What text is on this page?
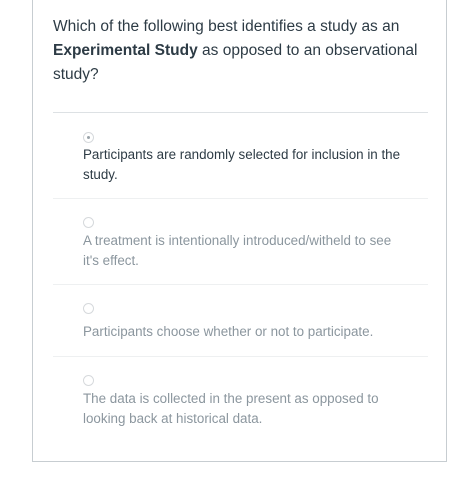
Which of the following best identifies a study as an
Experimental Study as opposed to an observational study?
Participants are randomly selected for inclusion in the study.
A treatment is intentionally introduced/witheld to see it's effect.
Participants choose whether or not to participate.
The data is collected in the present as opposed to looking back at historical data.
